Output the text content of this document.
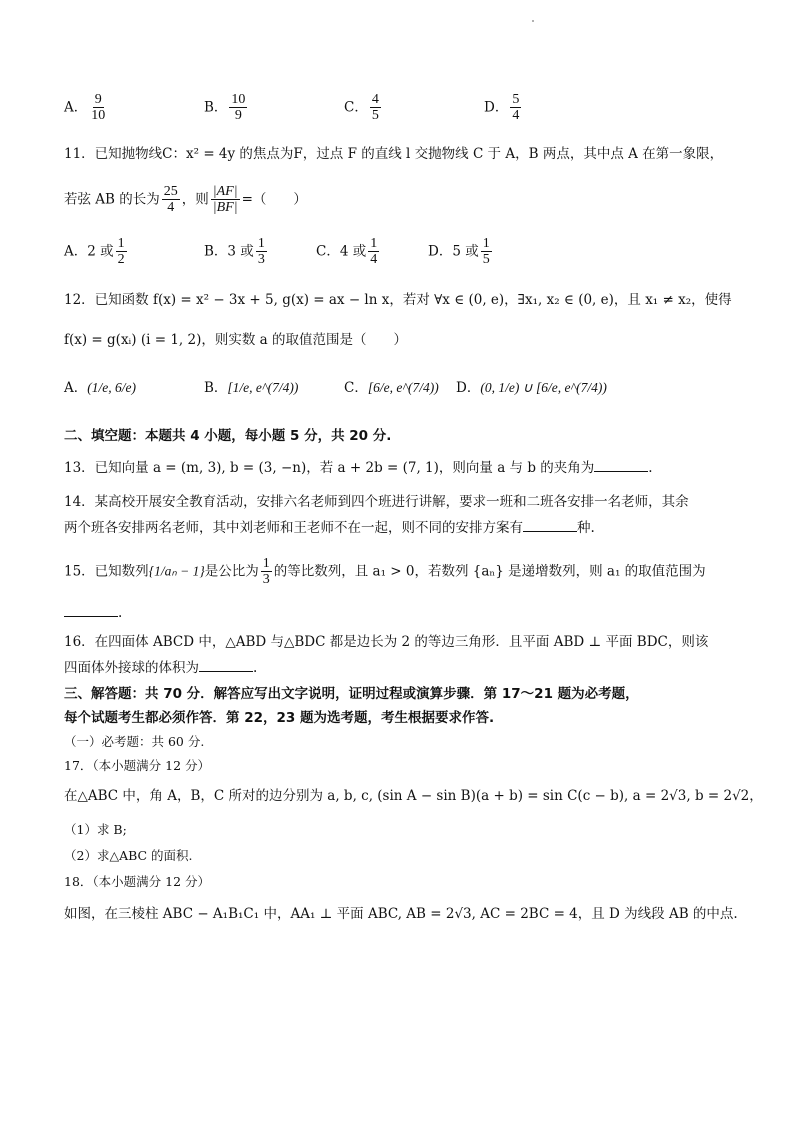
A． $\frac{9}{10}$	B． $\frac{10}{9}$	C． $\frac{4}{5}$	D． $\frac{5}{4}$
11．已知抛物线C：x² = 4y 的焦点为F，过点 F 的直线 l 交抛物线 C 于 A，B 两点，其中点 A 在第一象限，
若弦 AB 的长为 $\frac{25}{4}$ ，则 $\frac{|AF|}{|BF|}$ =（　　）
A．2 或 $\frac{1}{2}$	B．3 或 $\frac{1}{3}$	C．4 或 $\frac{1}{4}$	D．5 或 $\frac{1}{5}$
12．已知函数 f(x) = x² − 3x + 5, g(x) = ax − ln x，若对 ∀x ∈ (0, e)，∃x₁, x₂ ∈ (0, e)，且 x₁ ≠ x₂，使得
f(x) = g(xᵢ) (i = 1, 2)，则实数 a 的取值范围是（　　）
A．(1/e, 6/e)	B．[1/e, e^(7/4))	C．[6/e, e^(7/4)) D．(0, 1/e) ∪ [6/e, e^(7/4))
二、填空题：本题共 4 小题，每小题 5 分，共 20 分.
13．已知向量 a = (m, 3), b = (3, −n)，若 a + 2b = (7, 1)，则向量 a 与 b 的夹角为	.
14．某高校开展安全教育活动，安排六名老师到四个班进行讲解，要求一班和二班各安排一名老师，其余
两个班各安排两名老师，其中刘老师和王老师不在一起，则不同的安排方案有	种.
15．已知数列{1/aₙ − 1}是公比为 $\frac{1}{3}$ 的等比数列，且 a₁ > 0，若数列 {aₙ} 是递增数列，则 a₁ 的取值范围为
.
16．在四面体 ABCD 中，△ABD 与△BDC 都是边长为 2 的等边三角形．且平面 ABD ⊥ 平面 BDC，则该
四面体外接球的体积为	.
三、解答题：共 70 分．解答应写出文字说明，证明过程或演算步骤．第 17～21 题为必考题，
每个试题考生都必须作答．第 22，23 题为选考题，考生根据要求作答.
（一）必考题：共 60 分.
17．（本小题满分 12 分）
在△ABC 中，角 A，B，C 所对的边分别为 a, b, c, (sin A − sin B)(a + b) = sin C(c − b), a = 2√3, b = 2√2，
（1）求 B;
（2）求△ABC 的面积.
18．（本小题满分 12 分）
如图，在三棱柱 ABC − A₁B₁C₁ 中，AA₁ ⊥ 平面 ABC, AB = 2√3, AC = 2BC = 4，且 D 为线段 AB 的中点.
